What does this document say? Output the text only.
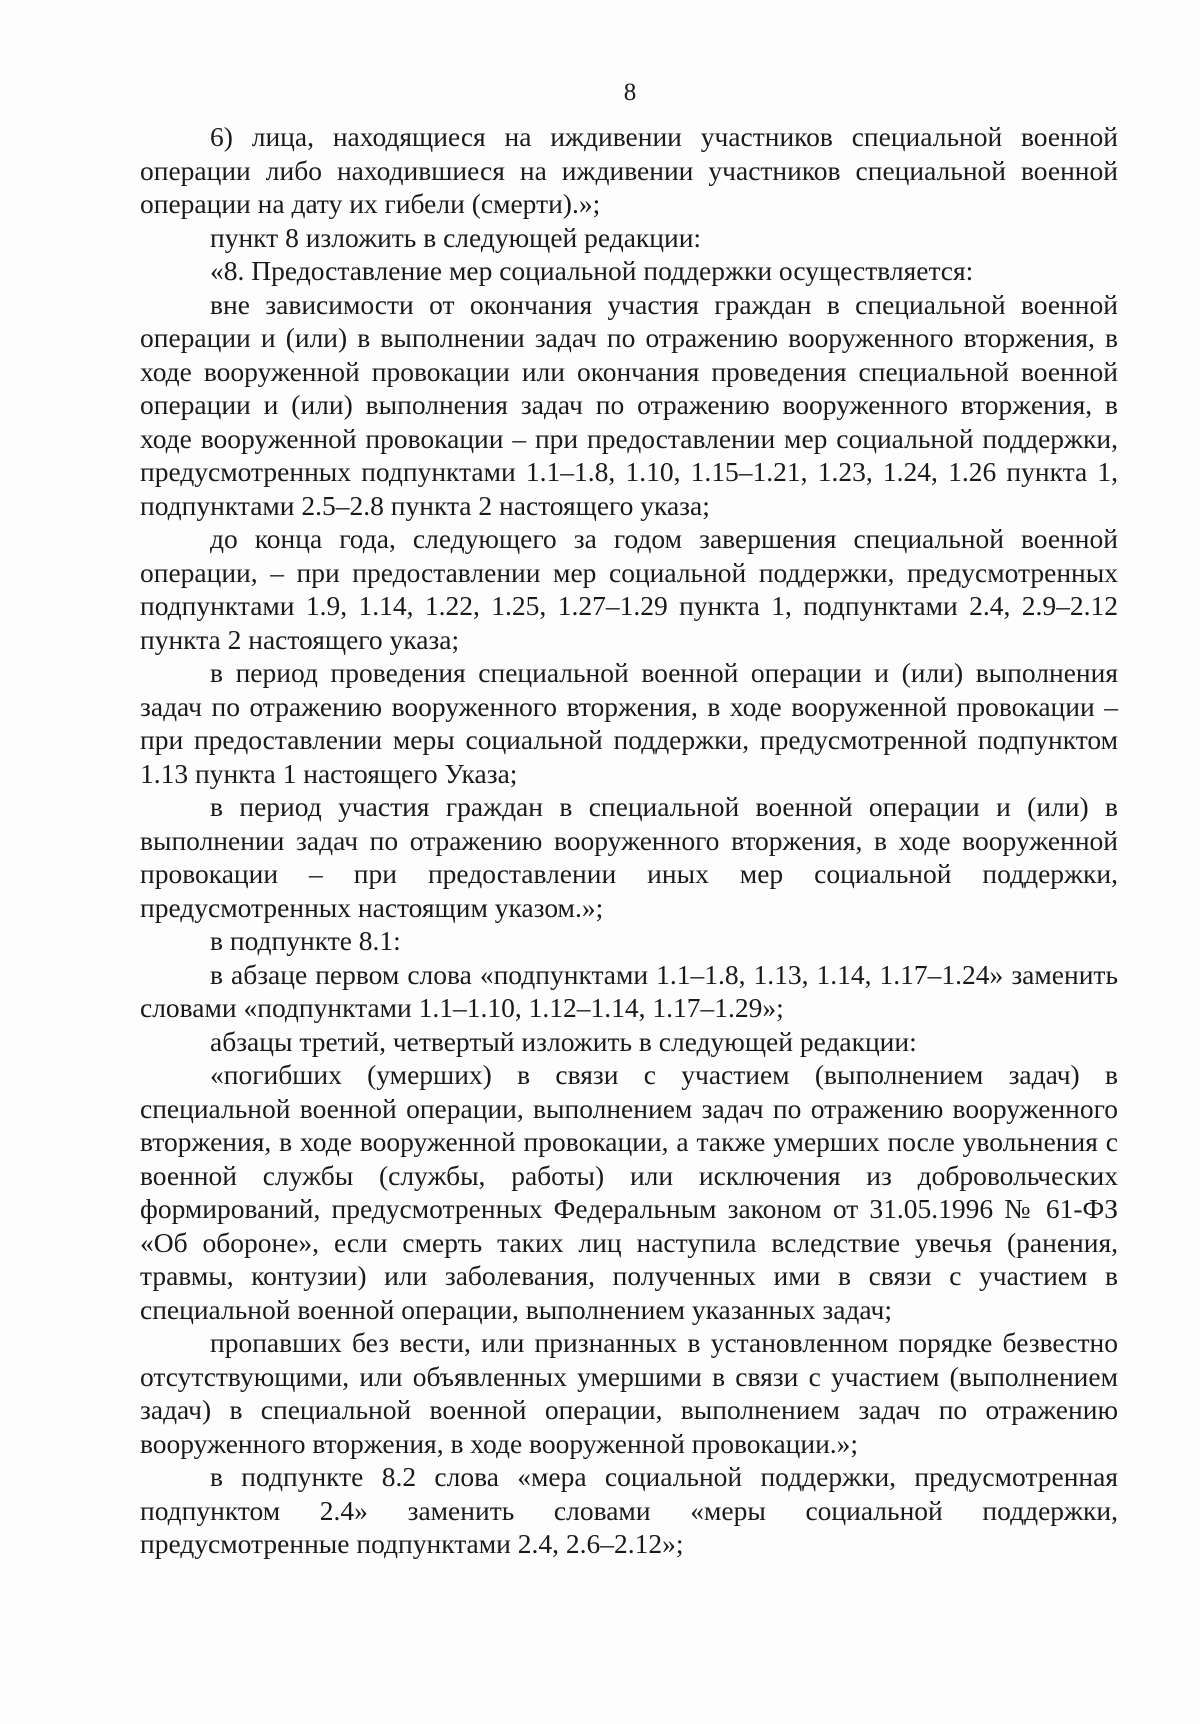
8

6) лица, находящиеся на иждивении участников специальной военной операции либо находившиеся на иждивении участников специальной военной операции на дату их гибели (смерти).»;

пункт 8 изложить в следующей редакции:

«8. Предоставление мер социальной поддержки осуществляется:

вне зависимости от окончания участия граждан в специальной военной операции и (или) в выполнении задач по отражению вооруженного вторжения, в ходе вооруженной провокации или окончания проведения специальной военной операции и (или) выполнения задач по отражению вооруженного вторжения, в ходе вооруженной провокации – при предоставлении мер социальной поддержки, предусмотренных подпунктами 1.1–1.8, 1.10, 1.15–1.21, 1.23, 1.24, 1.26 пункта 1, подпунктами 2.5–2.8 пункта 2 настоящего указа;

до конца года, следующего за годом завершения специальной военной операции, – при предоставлении мер социальной поддержки, предусмотренных подпунктами 1.9, 1.14, 1.22, 1.25, 1.27–1.29 пункта 1, подпунктами 2.4, 2.9–2.12 пункта 2 настоящего указа;

в период проведения специальной военной операции и (или) выполнения задач по отражению вооруженного вторжения, в ходе вооруженной провокации – при предоставлении меры социальной поддержки, предусмотренной подпунктом 1.13 пункта 1 настоящего Указа;

в период участия граждан в специальной военной операции и (или) в выполнении задач по отражению вооруженного вторжения, в ходе вооруженной провокации – при предоставлении иных мер социальной поддержки, предусмотренных настоящим указом.»;

в подпункте 8.1:

в абзаце первом слова «подпунктами 1.1–1.8, 1.13, 1.14, 1.17–1.24» заменить словами «подпунктами 1.1–1.10, 1.12–1.14, 1.17–1.29»;

абзацы третий, четвертый изложить в следующей редакции:

«погибших (умерших) в связи с участием (выполнением задач) в специальной военной операции, выполнением задач по отражению вооруженного вторжения, в ходе вооруженной провокации, а также умерших после увольнения с военной службы (службы, работы) или исключения из добровольческих формирований, предусмотренных Федеральным законом от 31.05.1996 № 61-ФЗ «Об обороне», если смерть таких лиц наступила вследствие увечья (ранения, травмы, контузии) или заболевания, полученных ими в связи с участием в специальной военной операции, выполнением указанных задач;

пропавших без вести, или признанных в установленном порядке безвестно отсутствующими, или объявленных умершими в связи с участием (выполнением задач) в специальной военной операции, выполнением задач по отражению вооруженного вторжения, в ходе вооруженной провокации.»;

в подпункте 8.2 слова «мера социальной поддержки, предусмотренная подпунктом 2.4» заменить словами «меры социальной поддержки, предусмотренные подпунктами 2.4, 2.6–2.12»;
